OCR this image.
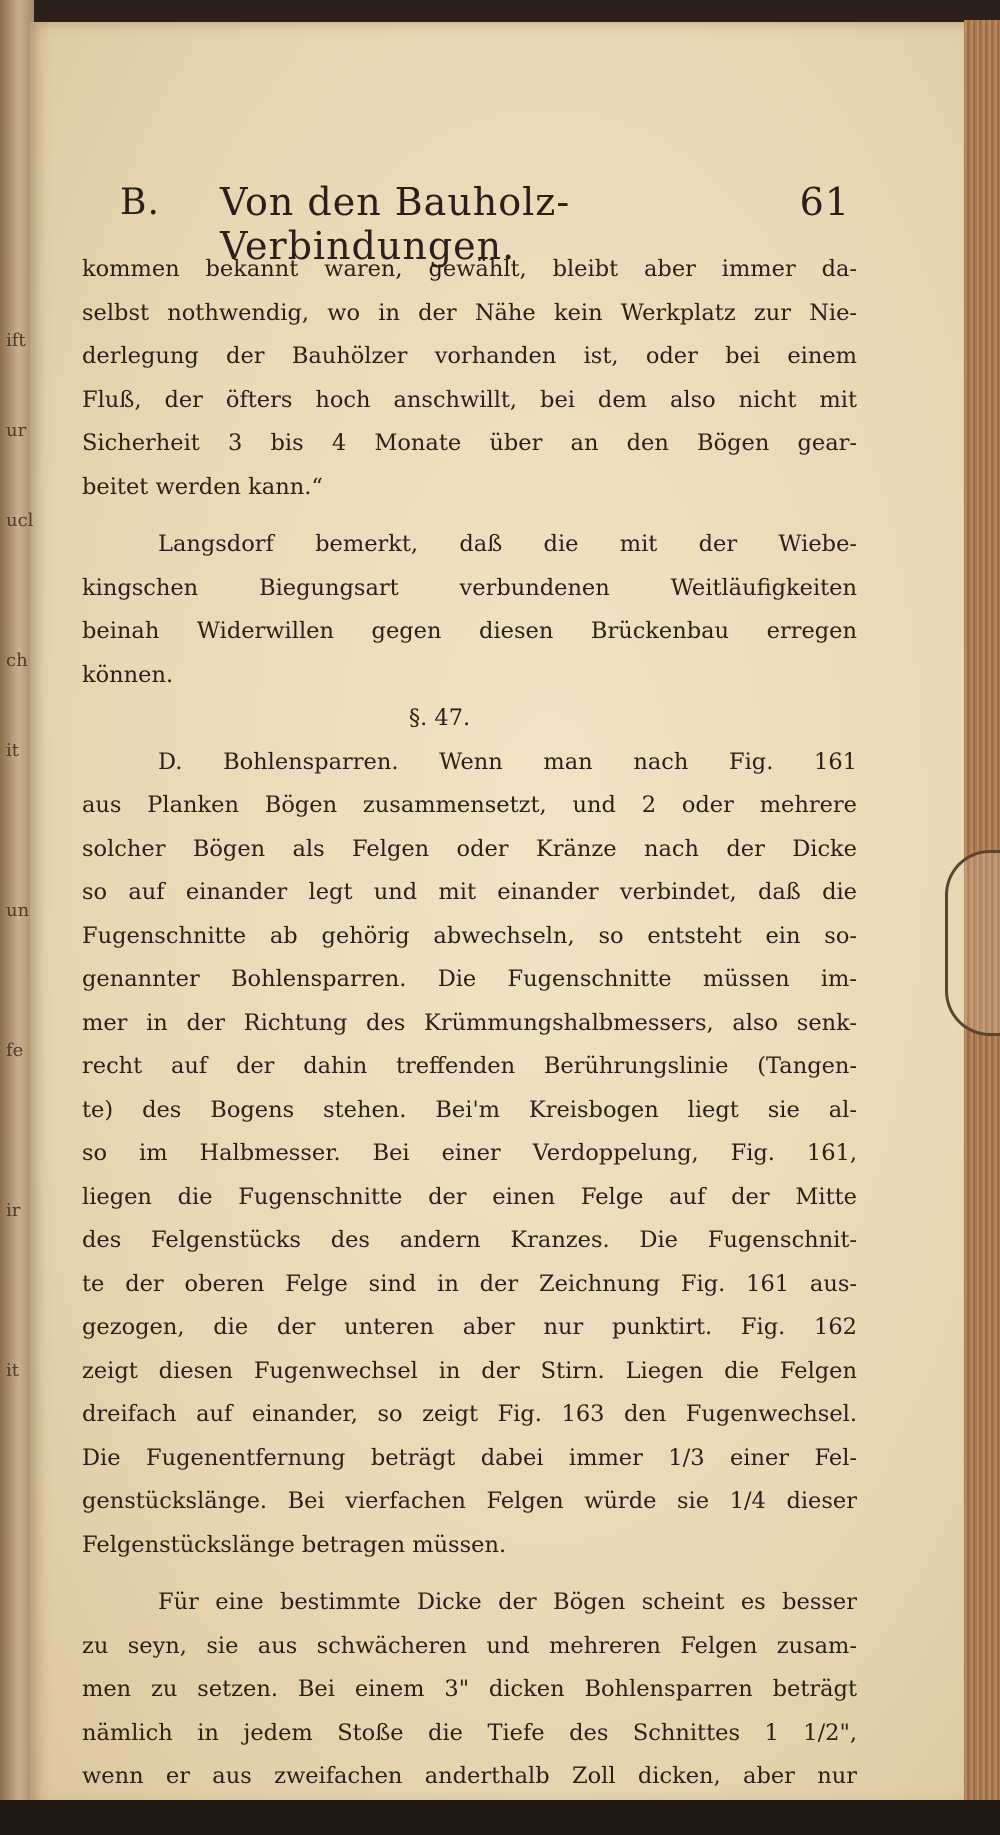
B. Von den Bauholz-Verbindungen.
61
kommen bekannt waren, gewählt, bleibt aber immer da-
selbst nothwendig, wo in der Nähe kein Werkplatz zur Nie-
derlegung der Bauhölzer vorhanden ist, oder bei einem
Fluß, der öfters hoch anschwillt, bei dem also nicht mit
Sicherheit 3 bis 4 Monate über an den Bögen gear-
beitet werden kann.“
Langsdorf bemerkt, daß die mit der Wiebe-
kingschen Biegungsart verbundenen Weitläufigkeiten
beinah Widerwillen gegen diesen Brückenbau erregen
können.
§. 47.
D. Bohlensparren. Wenn man nach Fig. 161
aus Planken Bögen zusammensetzt, und 2 oder mehrere
solcher Bögen als Felgen oder Kränze nach der Dicke
so auf einander legt und mit einander verbindet, daß die
Fugenschnitte ab gehörig abwechseln, so entsteht ein so-
genannter Bohlensparren. Die Fugenschnitte müssen im-
mer in der Richtung des Krümmungshalbmessers, also senk-
recht auf der dahin treffenden Berührungslinie (Tangen-
te) des Bogens stehen. Bei'm Kreisbogen liegt sie al-
so im Halbmesser. Bei einer Verdoppelung, Fig. 161,
liegen die Fugenschnitte der einen Felge auf der Mitte
des Felgenstücks des andern Kranzes. Die Fugenschnit-
te der oberen Felge sind in der Zeichnung Fig. 161 aus-
gezogen, die der unteren aber nur punktirt. Fig. 162
zeigt diesen Fugenwechsel in der Stirn. Liegen die Felgen
dreifach auf einander, so zeigt Fig. 163 den Fugenwechsel.
Die Fugenentfernung beträgt dabei immer 1/3 einer Fel-
genstückslänge. Bei vierfachen Felgen würde sie 1/4 dieser
Felgenstückslänge betragen müssen.
Für eine bestimmte Dicke der Bögen scheint es besser
zu seyn, sie aus schwächeren und mehreren Felgen zusam-
men zu setzen. Bei einem 3" dicken Bohlensparren beträgt
nämlich in jedem Stoße die Tiefe des Schnittes 1 1/2",
wenn er aus zweifachen anderthalb Zoll dicken, aber nur
ift
ur
ucl
ch
it
un
fe
ir
it
